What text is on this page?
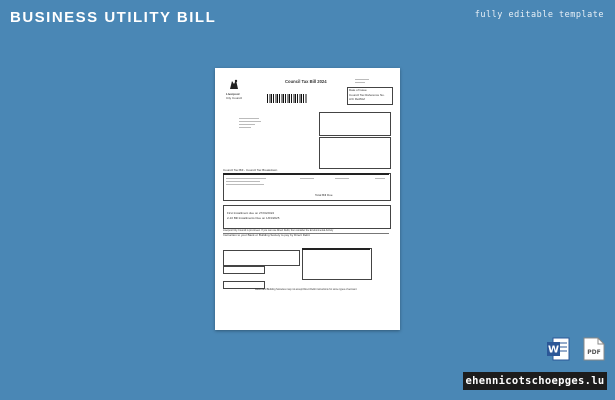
BUSINESS UTILITY BILL	fully editable template
Liverpool
City Council
Council Tax Bill 2024
Date of Issue
Council Tax Reference No.
A/C Ref/Ref
Council Tax Bill - Council Tax Breakdown
Total Bill Due
First Installment due on 27/04/2024
2-10 Bill Installments Due on 1/03/2025
Liverpool City Council is pro-Green. If you can use Direct Debit, then consider the Environmental Activity
Instruction to your Bank or Building Society to pay by Direct Debit
Banks and Building Societies may not accept Direct Debit instructions for some types of account
W	PDF
ehennicotschoepges.lu
